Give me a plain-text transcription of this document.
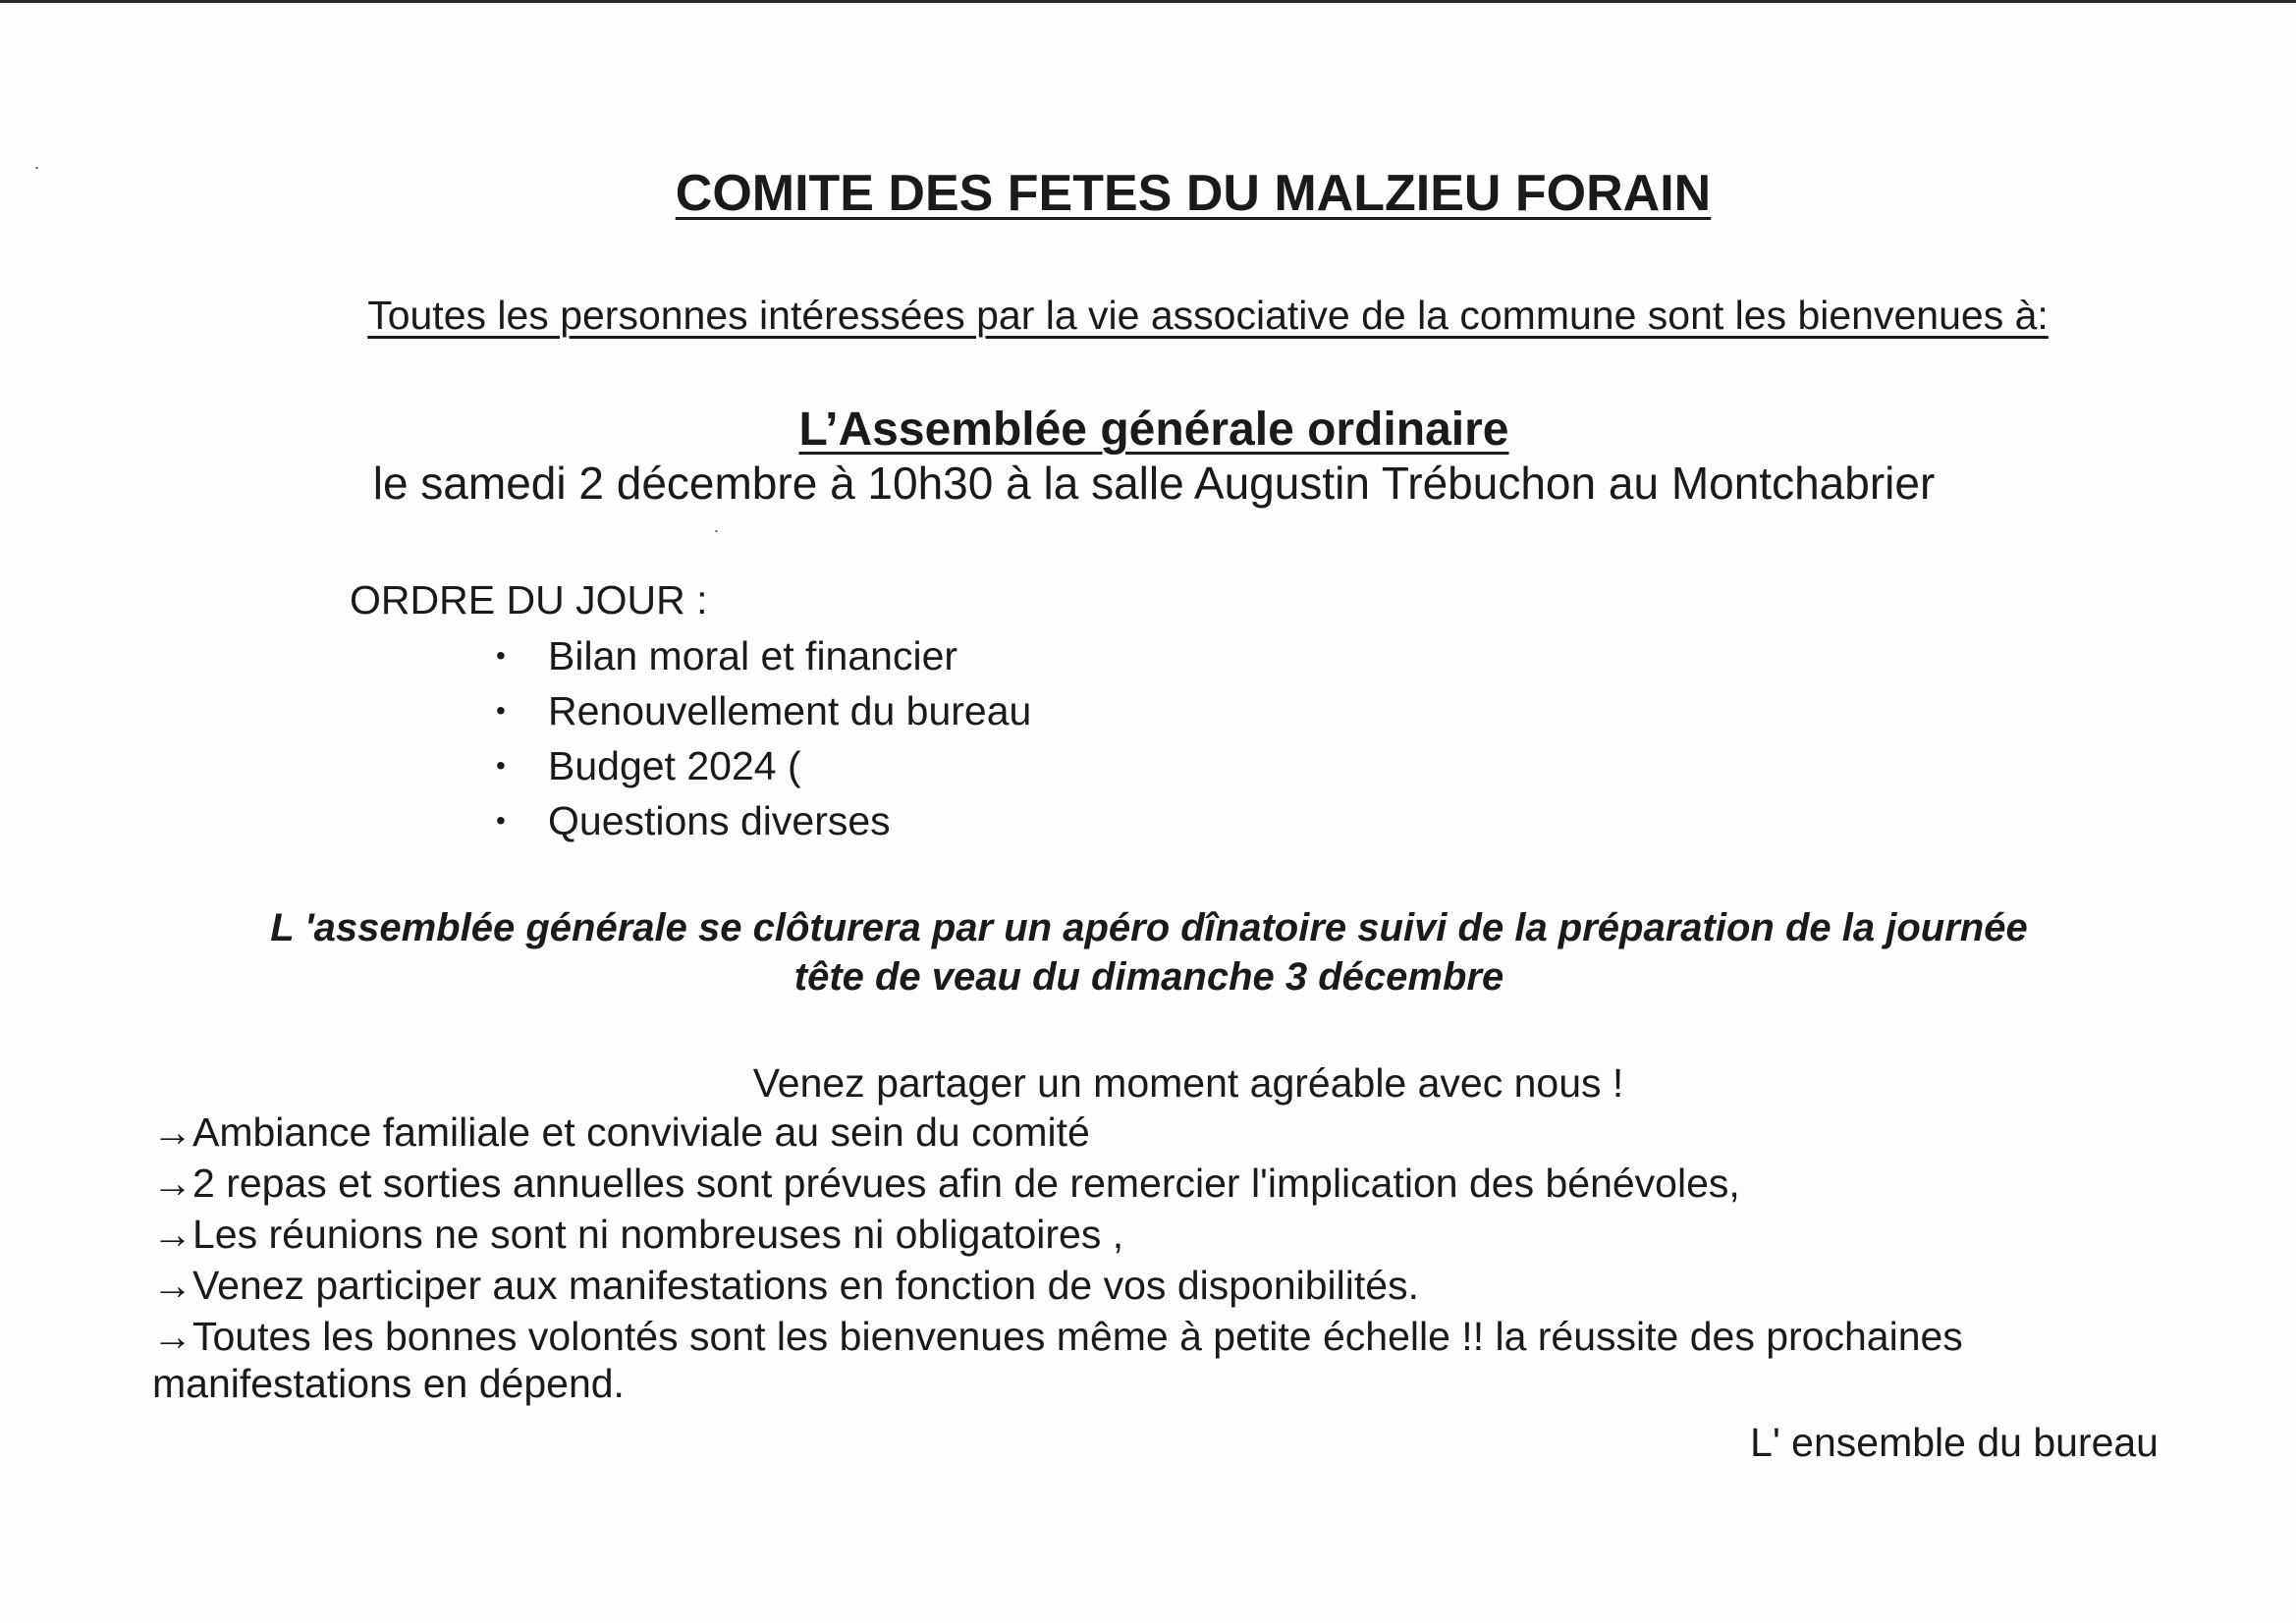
COMITE DES FETES DU MALZIEU FORAIN
Toutes les personnes intéressées par la vie associative de la commune sont les bienvenues à:
L’Assemblée générale ordinaire
le samedi 2 décembre à 10h30 à la salle Augustin Trébuchon au Montchabrier
ORDRE DU JOUR :
• Bilan moral et financier
• Renouvellement du bureau
• Budget 2024 (
• Questions diverses
L 'assemblée générale se clôturera par un apéro dînatoire suivi de la préparation de la journée
tête de veau du dimanche 3 décembre
Venez partager un moment agréable avec nous !
→Ambiance familiale et conviviale au sein du comité
→2 repas et sorties annuelles sont prévues afin de remercier l'implication des bénévoles,
→Les réunions ne sont ni nombreuses ni obligatoires ,
→Venez participer aux manifestations en fonction de vos disponibilités.
→Toutes les bonnes volontés sont les bienvenues même à petite échelle !! la réussite des prochaines
manifestations en dépend.
L' ensemble du bureau
